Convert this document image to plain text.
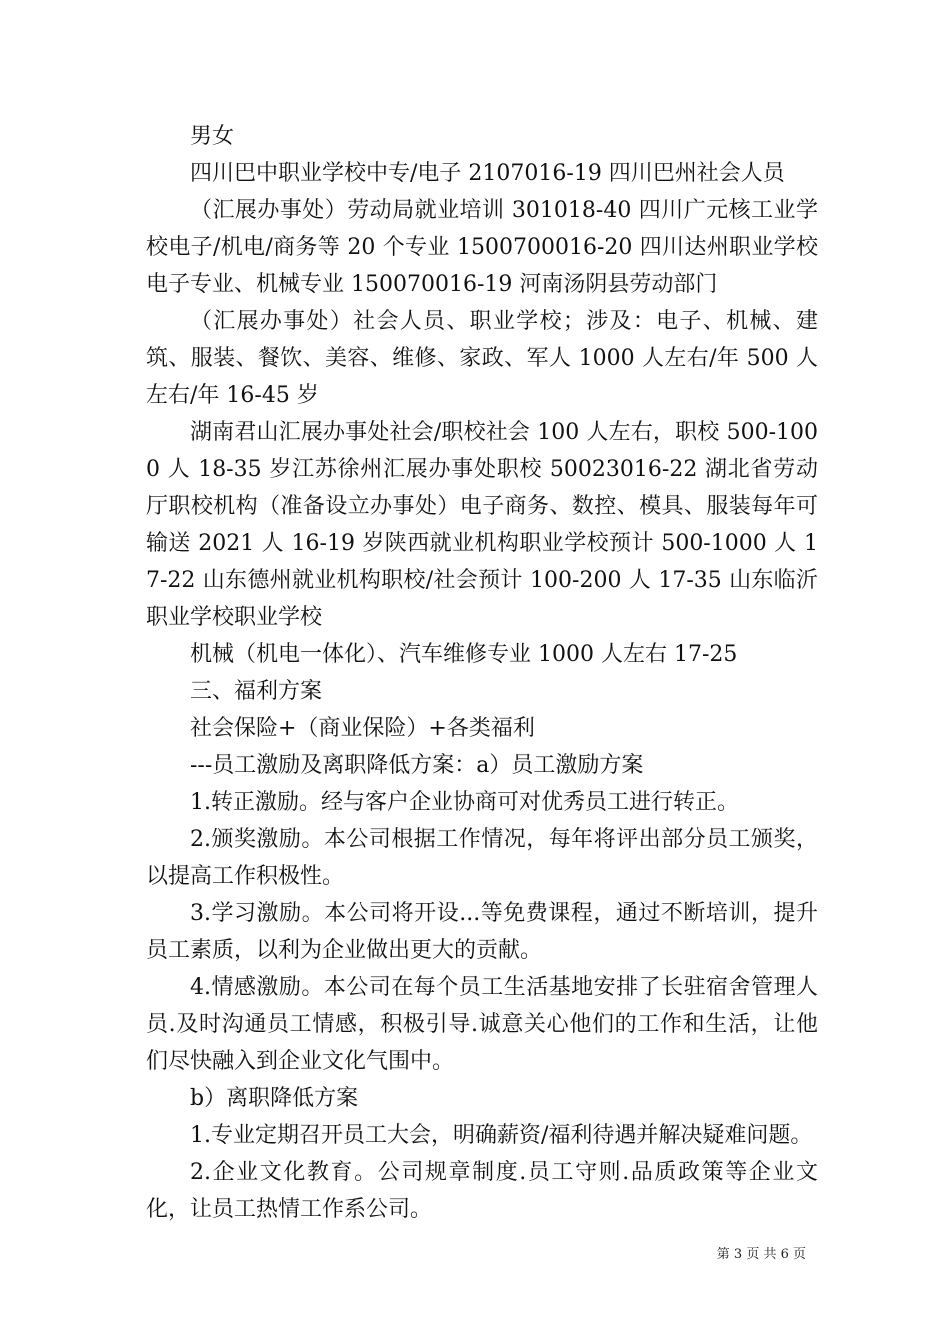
男女

四川巴中职业学校中专/电子 2107016-19 四川巴州社会人员

（汇展办事处）劳动局就业培训 301018-40 四川广元核工业学校电子/机电/商务等 20 个专业 1500700016-20 四川达州职业学校电子专业、机械专业 150070016-19 河南汤阴县劳动部门

（汇展办事处）社会人员、职业学校；涉及：电子、机械、建筑、服装、餐饮、美容、维修、家政、军人 1000 人左右/年 500 人左右/年 16-45 岁

湖南君山汇展办事处社会/职校社会 100 人左右，职校 500-1000 人 18-35 岁江苏徐州汇展办事处职校 50023016-22 湖北省劳动厅职校机构（准备设立办事处）电子商务、数控、模具、服装每年可输送 2021 人 16-19 岁陕西就业机构职业学校预计 500-1000 人 17-22 山东德州就业机构职校/社会预计 100-200 人 17-35 山东临沂职业学校职业学校

机械（机电一体化）、汽车维修专业 1000 人左右 17-25

三、福利方案

社会保险+（商业保险）+各类福利

---员工激励及离职降低方案：a）员工激励方案

1.转正激励。经与客户企业协商可对优秀员工进行转正。

2.颁奖激励。本公司根据工作情况，每年将评出部分员工颁奖，以提高工作积极性。

3.学习激励。本公司将开设...等免费课程，通过不断培训，提升员工素质，以利为企业做出更大的贡献。

4.情感激励。本公司在每个员工生活基地安排了长驻宿舍管理人员.及时沟通员工情感，积极引导.诚意关心他们的工作和生活，让他们尽快融入到企业文化气围中。

b）离职降低方案

1.专业定期召开员工大会，明确薪资/福利待遇并解决疑难问题。

2.企业文化教育。公司规章制度.员工守则.品质政策等企业文化，让员工热情工作系公司。

第 3 页 共 6 页
